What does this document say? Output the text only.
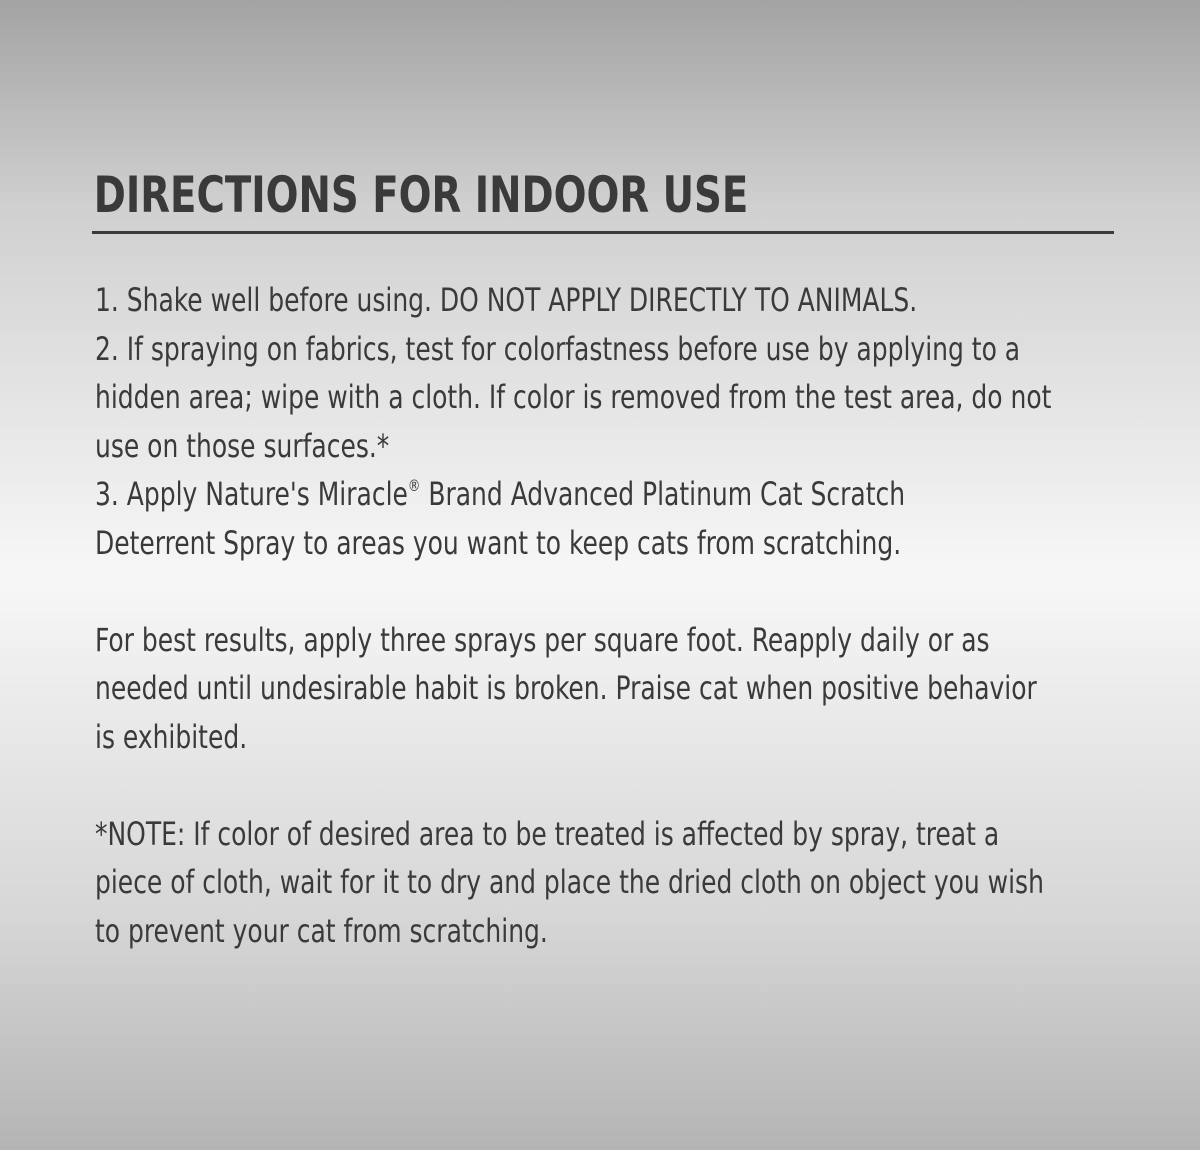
DIRECTIONS FOR INDOOR USE
1. Shake well before using. DO NOT APPLY DIRECTLY TO ANIMALS.
2. If spraying on fabrics, test for colorfastness before use by applying to a
hidden area; wipe with a cloth. If color is removed from the test area, do not
use on those surfaces.*
3. Apply Nature's Miracle® Brand Advanced Platinum Cat Scratch
Deterrent Spray to areas you want to keep cats from scratching.
For best results, apply three sprays per square foot. Reapply daily or as
needed until undesirable habit is broken. Praise cat when positive behavior
is exhibited.
*NOTE: If color of desired area to be treated is affected by spray, treat a
piece of cloth, wait for it to dry and place the dried cloth on object you wish
to prevent your cat from scratching.
